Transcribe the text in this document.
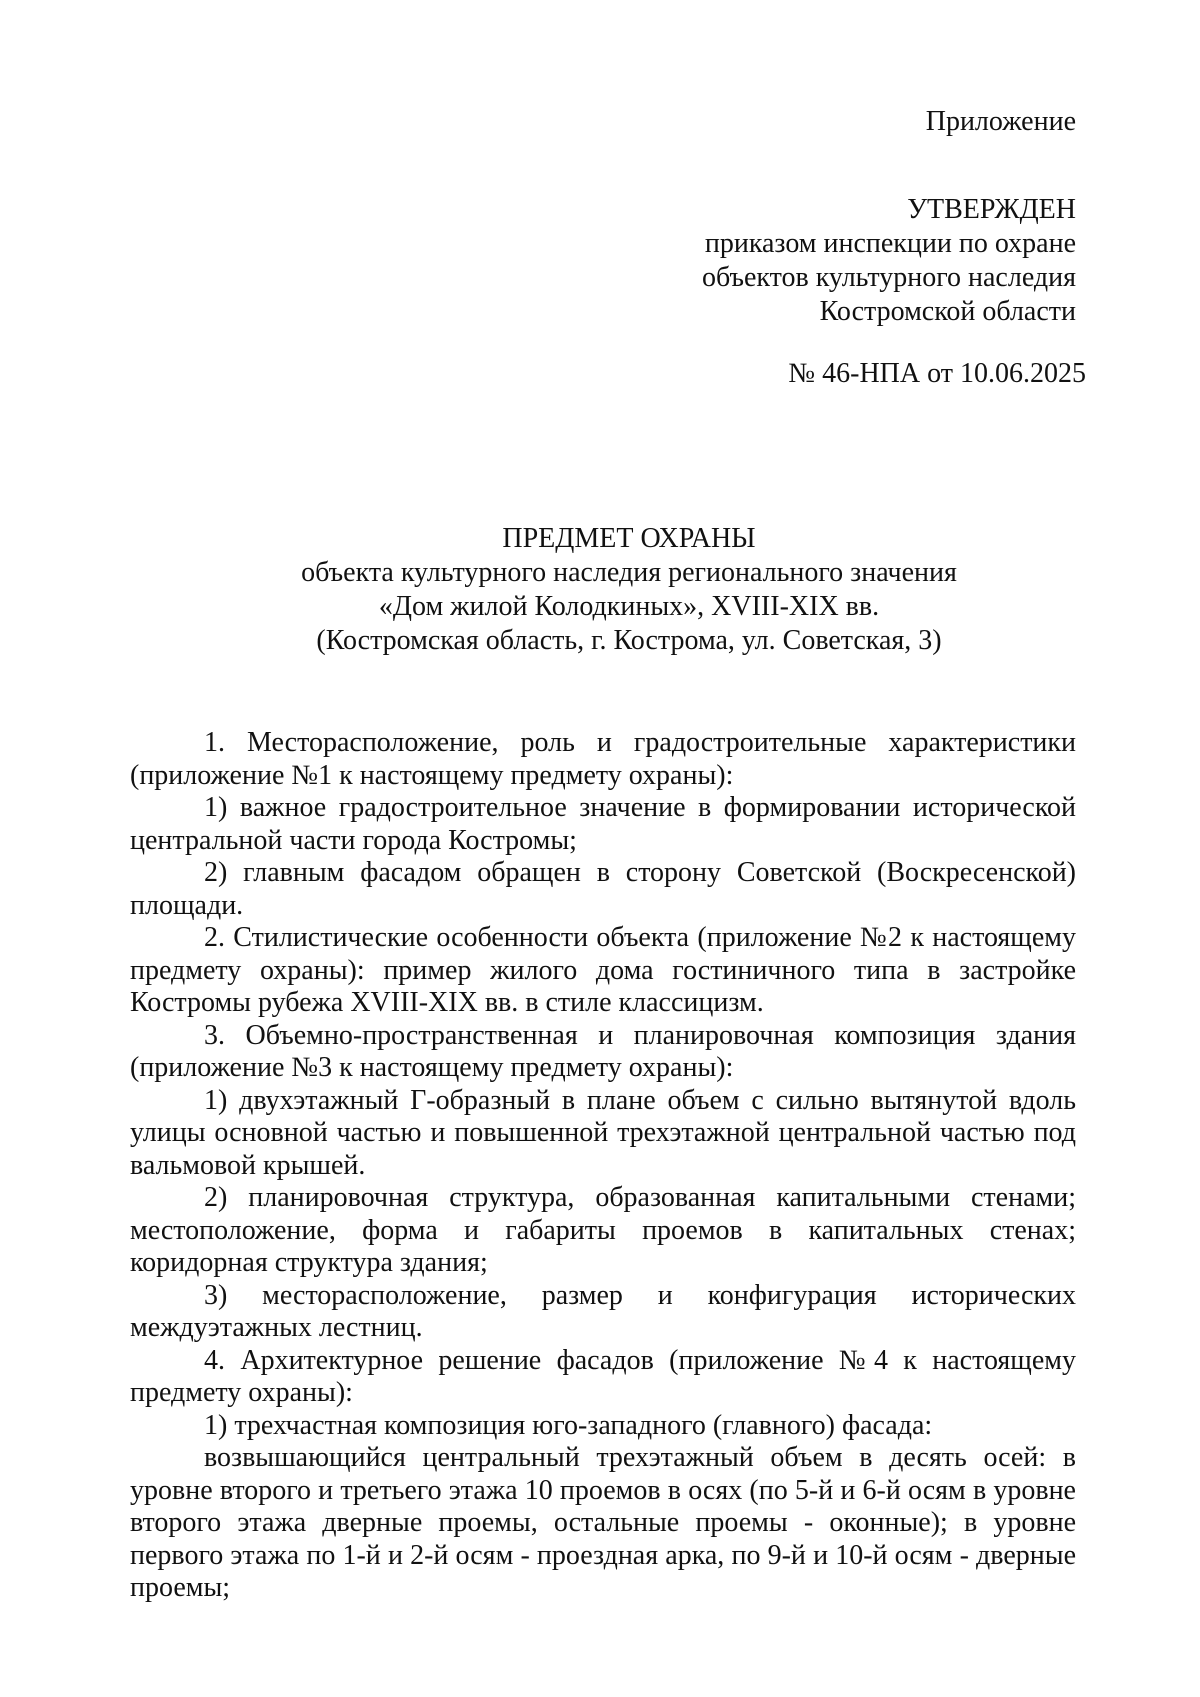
Приложение
УТВЕРЖДЕН
приказом инспекции по охране
объектов культурного наследия
Костромской области
№ 46-НПА от 10.06.2025
ПРЕДМЕТ ОХРАНЫ
объекта культурного наследия регионального значения
«Дом жилой Колодкиных», XVIII-XIX вв.
(Костромская область, г. Кострома, ул. Советская, 3)

1. Месторасположение, роль и градостроительные характеристики (приложение №1 к настоящему предмету охраны):

1) важное градостроительное значение в формировании исторической центральной части города Костромы;

2) главным фасадом обращен в сторону Советской (Воскресенской) площади.

2. Стилистические особенности объекта (приложение №2 к настоящему предмету охраны): пример жилого дома гостиничного типа в застройке Костромы рубежа XVIII-XIX вв. в стиле классицизм.

3. Объемно-пространственная и планировочная композиция здания (приложение №3 к настоящему предмету охраны):

1) двухэтажный Г-образный в плане объем с сильно вытянутой вдоль улицы основной частью и повышенной трехэтажной центральной частью под вальмовой крышей.

2) планировочная структура, образованная капитальными стенами; местоположение, форма и габариты проемов в капитальных стенах; коридорная структура здания;

3) месторасположение, размер и конфигурация исторических междуэтажных лестниц.

4. Архитектурное решение фасадов (приложение №4 к настоящему предмету охраны):

1) трехчастная композиция юго-западного (главного) фасада:

возвышающийся центральный трехэтажный объем в десять осей: в уровне второго и третьего этажа 10 проемов в осях (по 5-й и 6-й осям в уровне второго этажа дверные проемы, остальные проемы - оконные); в уровне первого этажа по 1-й и 2-й осям - проездная арка, по 9-й и 10-й осям - дверные проемы;
